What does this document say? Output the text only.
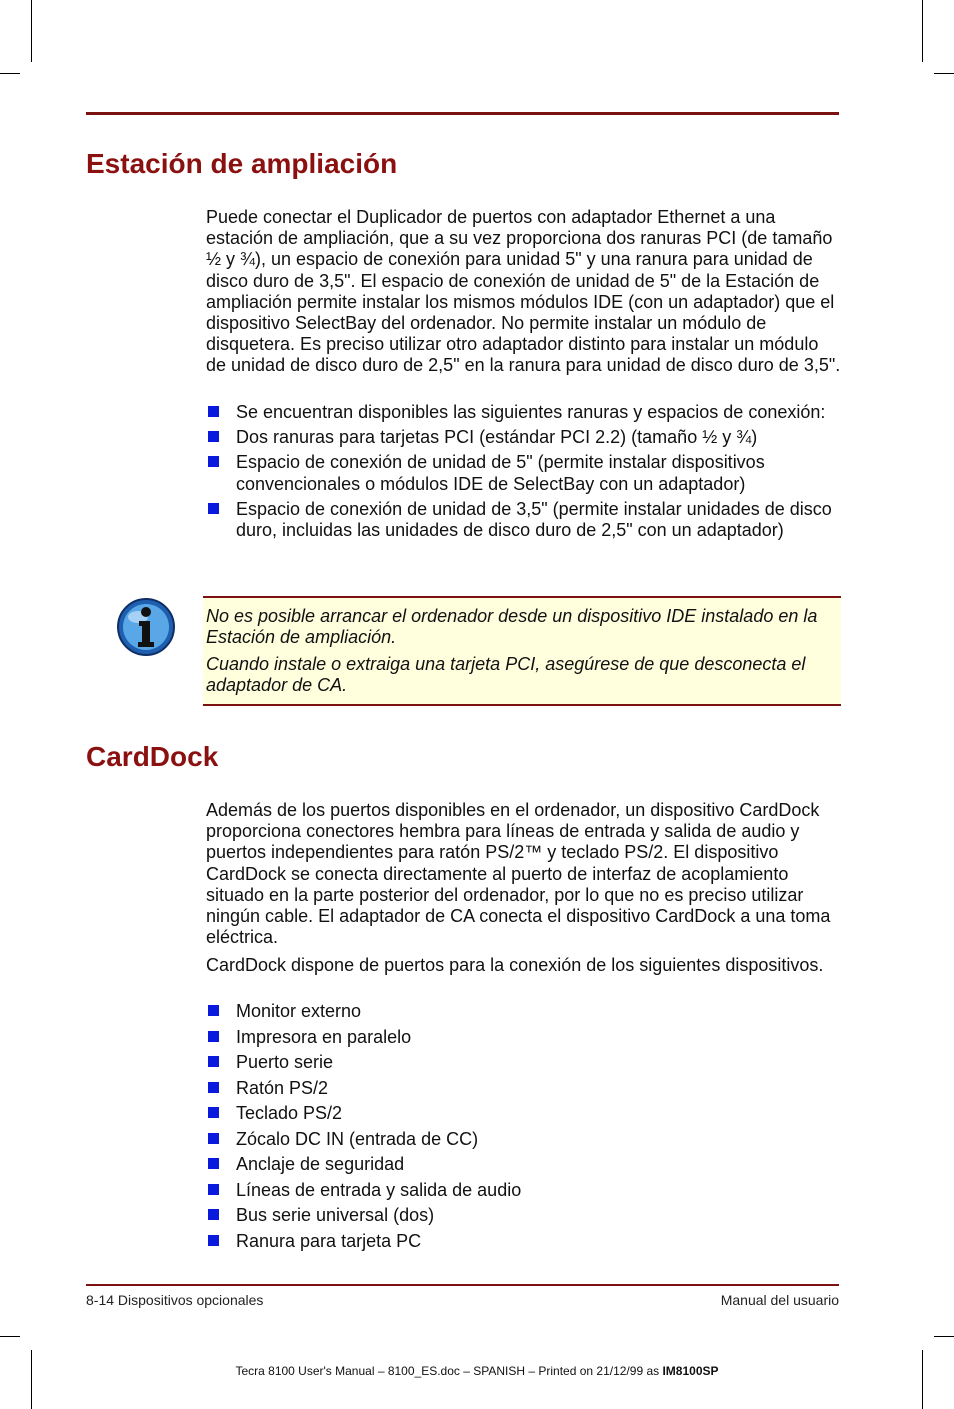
Estación de ampliación

Puede conectar el Duplicador de puertos con adaptador Ethernet a una estación de ampliación, que a su vez proporciona dos ranuras PCI (de tamaño ½ y ¾), un espacio de conexión para unidad 5" y una ranura para unidad de disco duro de 3,5". El espacio de conexión de unidad de 5" de la Estación de ampliación permite instalar los mismos módulos IDE (con un adaptador) que el dispositivo SelectBay del ordenador. No permite instalar un módulo de disquetera. Es preciso utilizar otro adaptador distinto para instalar un módulo de unidad de disco duro de 2,5" en la ranura para unidad de disco duro de 3,5".

Se encuentran disponibles las siguientes ranuras y espacios de conexión:
Dos ranuras para tarjetas PCI (estándar PCI 2.2) (tamaño ½ y ¾)
Espacio de conexión de unidad de 5" (permite instalar dispositivos convencionales o módulos IDE de SelectBay con un adaptador)
Espacio de conexión de unidad de 3,5" (permite instalar unidades de disco duro, incluidas las unidades de disco duro de 2,5" con un adaptador)

No es posible arrancar el ordenador desde un dispositivo IDE instalado en la Estación de ampliación.

Cuando instale o extraiga una tarjeta PCI, asegúrese de que desconecta el adaptador de CA.

CardDock

Además de los puertos disponibles en el ordenador, un dispositivo CardDock proporciona conectores hembra para líneas de entrada y salida de audio y puertos independientes para ratón PS/2™ y teclado PS/2. El dispositivo CardDock se conecta directamente al puerto de interfaz de acoplamiento situado en la parte posterior del ordenador, por lo que no es preciso utilizar ningún cable. El adaptador de CA conecta el dispositivo CardDock a una toma eléctrica.

CardDock dispone de puertos para la conexión de los siguientes dispositivos.

Monitor externo
Impresora en paralelo
Puerto serie
Ratón PS/2
Teclado PS/2
Zócalo DC IN (entrada de CC)
Anclaje de seguridad
Líneas de entrada y salida de audio
Bus serie universal (dos)
Ranura para tarjeta PC
8-14 Dispositivos opcionales	Manual del usuario
Tecra 8100 User's Manual – 8100_ES.doc – SPANISH – Printed on 21/12/99 as IM8100SP
